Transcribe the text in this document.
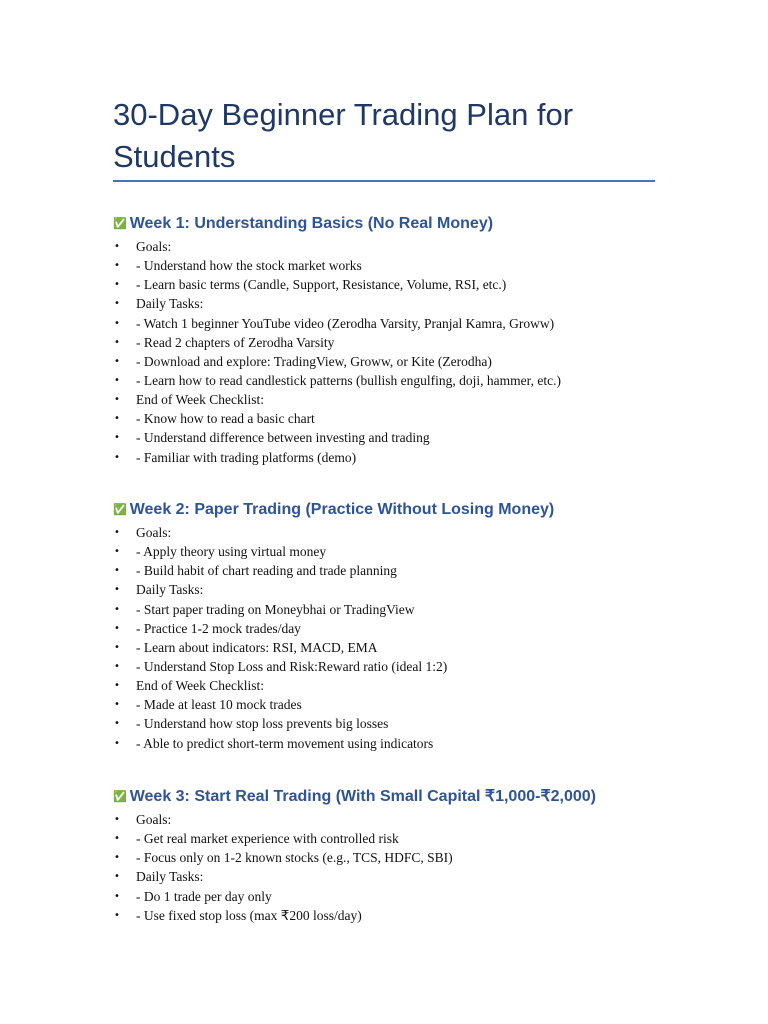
30-Day Beginner Trading Plan for Students
✅ Week 1: Understanding Basics (No Real Money)
• Goals:
• - Understand how the stock market works
• - Learn basic terms (Candle, Support, Resistance, Volume, RSI, etc.)
• Daily Tasks:
• - Watch 1 beginner YouTube video (Zerodha Varsity, Pranjal Kamra, Groww)
• - Read 2 chapters of Zerodha Varsity
• - Download and explore: TradingView, Groww, or Kite (Zerodha)
• - Learn how to read candlestick patterns (bullish engulfing, doji, hammer, etc.)
• End of Week Checklist:
• - Know how to read a basic chart
• - Understand difference between investing and trading
• - Familiar with trading platforms (demo)
✅ Week 2: Paper Trading (Practice Without Losing Money)
• Goals:
• - Apply theory using virtual money
• - Build habit of chart reading and trade planning
• Daily Tasks:
• - Start paper trading on Moneybhai or TradingView
• - Practice 1-2 mock trades/day
• - Learn about indicators: RSI, MACD, EMA
• - Understand Stop Loss and Risk:Reward ratio (ideal 1:2)
• End of Week Checklist:
• - Made at least 10 mock trades
• - Understand how stop loss prevents big losses
• - Able to predict short-term movement using indicators
✅ Week 3: Start Real Trading (With Small Capital ₹1,000-₹2,000)
• Goals:
• - Get real market experience with controlled risk
• - Focus only on 1-2 known stocks (e.g., TCS, HDFC, SBI)
• Daily Tasks:
• - Do 1 trade per day only
• - Use fixed stop loss (max ₹200 loss/day)
